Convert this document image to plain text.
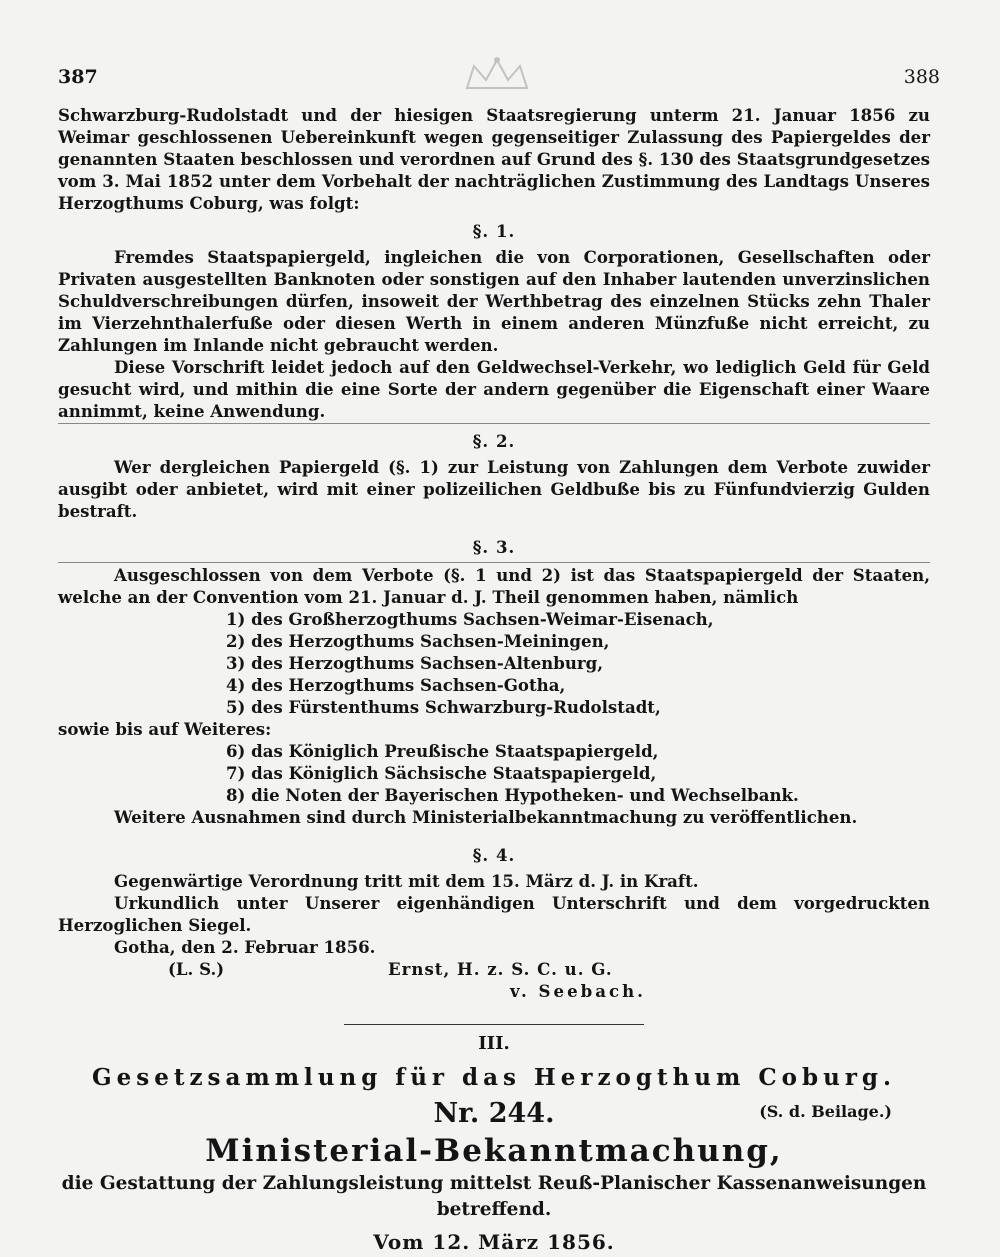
387	388

Schwarzburg-Rudolstadt und der hiesigen Staatsregierung unterm 21. Januar 1856 zu Weimar geschlossenen Uebereinkunft wegen gegenseitiger Zulassung des Papiergeldes der genannten Staaten beschlossen und verordnen auf Grund des §. 130 des Staatsgrundgesetzes vom 3. Mai 1852 unter dem Vorbehalt der nachträglichen Zustimmung des Landtags Unseres Herzogthums Coburg, was folgt:

§. 1.

Fremdes Staatspapiergeld, ingleichen die von Corporationen, Gesellschaften oder Privaten ausgestellten Banknoten oder sonstigen auf den Inhaber lautenden unverzinslichen Schuldverschreibungen dürfen, insoweit der Werthbetrag des einzelnen Stücks zehn Thaler im Vierzehnthalerfuße oder diesen Werth in einem anderen Münzfuße nicht erreicht, zu Zahlungen im Inlande nicht gebraucht werden.

Diese Vorschrift leidet jedoch auf den Geldwechsel-Verkehr, wo lediglich Geld für Geld gesucht wird, und mithin die eine Sorte der andern gegenüber die Eigenschaft einer Waare annimmt, keine Anwendung.

§. 2.

Wer dergleichen Papiergeld (§. 1) zur Leistung von Zahlungen dem Verbote zuwider ausgibt oder anbietet, wird mit einer polizeilichen Geldbuße bis zu Fünfundvierzig Gulden bestraft.

§. 3.

Ausgeschlossen von dem Verbote (§. 1 und 2) ist das Staatspapiergeld der Staaten, welche an der Convention vom 21. Januar d. J. Theil genommen haben, nämlich

1) des Großherzogthums Sachsen-Weimar-Eisenach,
2) des Herzogthums Sachsen-Meiningen,
3) des Herzogthums Sachsen-Altenburg,
4) des Herzogthums Sachsen-Gotha,
5) des Fürstenthums Schwarzburg-Rudolstadt,

sowie bis auf Weiteres:

6) das Königlich Preußische Staatspapiergeld,
7) das Königlich Sächsische Staatspapiergeld,
8) die Noten der Bayerischen Hypotheken- und Wechselbank.

Weitere Ausnahmen sind durch Ministerialbekanntmachung zu veröffentlichen.

§. 4.

Gegenwärtige Verordnung tritt mit dem 15. März d. J. in Kraft.

Urkundlich unter Unserer eigenhändigen Unterschrift und dem vorgedruckten Herzoglichen Siegel.

Gotha, den 2. Februar 1856.

(L. S.)	Ernst, H. z. S. C. u. G.
v. Seebach.

III.

Gesetzsammlung für das Herzogthum Coburg.

Nr. 244.

Ministerial-Bekanntmachung,

die Gestattung der Zahlungsleistung mittelst Reuß-Planischer Kassenanweisungen

betreffend.

Vom 12. März 1856.

(S. d. Beilage.)
